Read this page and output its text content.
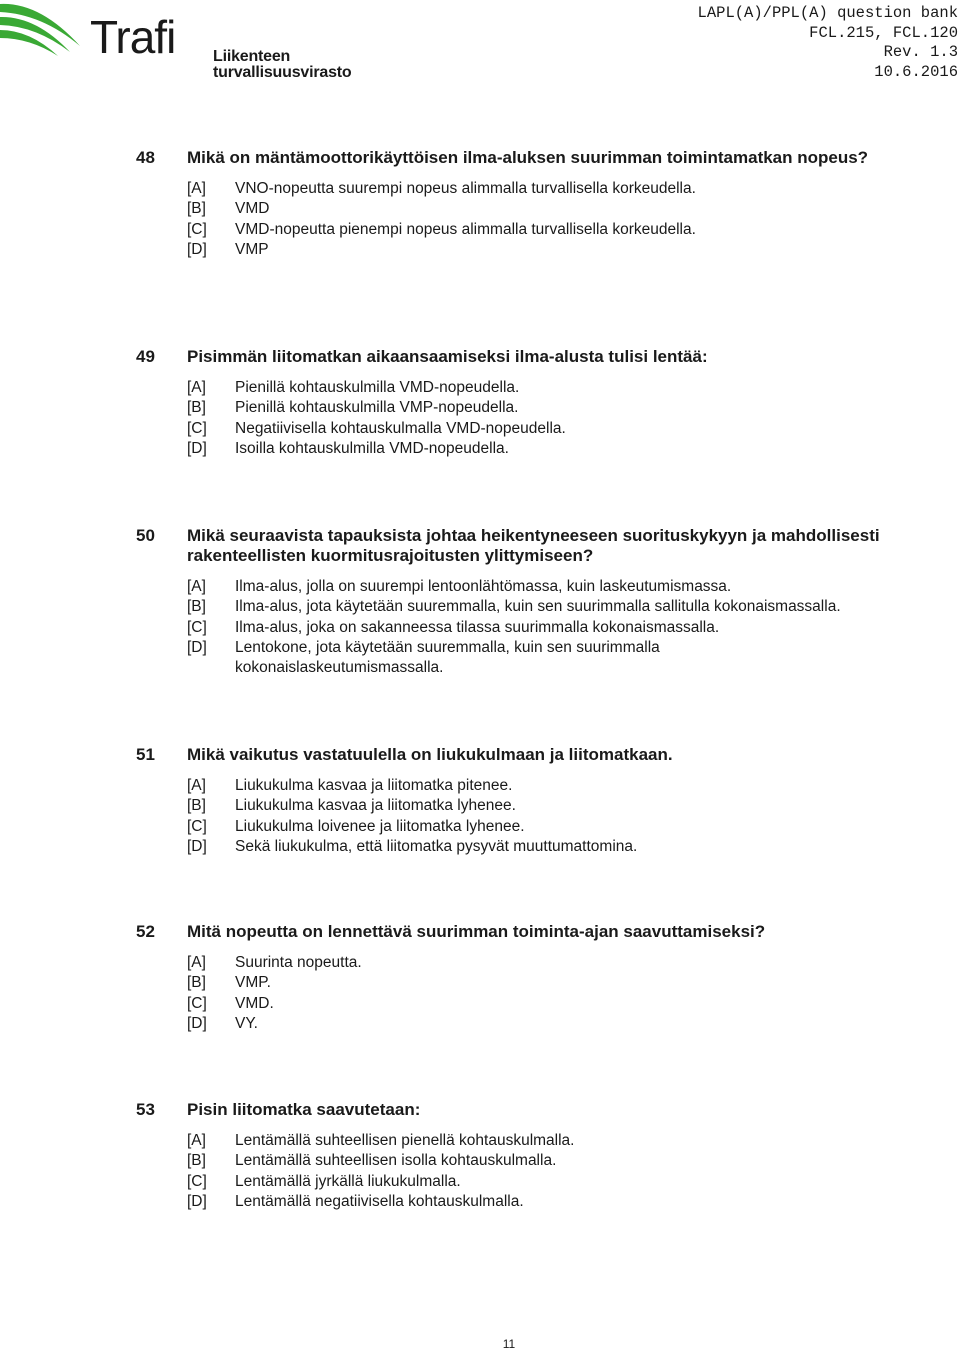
Trafi Liikenteen turvallisuusvirasto
LAPL(A)/PPL(A) question bank
FCL.215, FCL.120
Rev. 1.3
10.6.2016
48 Mikä on mäntämoottorikäyttöisen ilma-aluksen suurimman toimintamatkan nopeus?
[A] VNO-nopeutta suurempi nopeus alimmalla turvallisella korkeudella.
[B] VMD
[C] VMD-nopeutta pienempi nopeus alimmalla turvallisella korkeudella.
[D] VMP
49 Pisimmän liitomatkan aikaansaamiseksi ilma-alusta tulisi lentää:
[A] Pienillä kohtauskulmilla VMD-nopeudella.
[B] Pienillä kohtauskulmilla VMP-nopeudella.
[C] Negatiivisella kohtauskulmalla VMD-nopeudella.
[D] Isoilla kohtauskulmilla VMD-nopeudella.
50 Mikä seuraavista tapauksista johtaa heikentyneeseen suorituskykyyn ja mahdollisesti rakenteellisten kuormitusrajoitusten ylittymiseen?
[A] Ilma-alus, jolla on suurempi lentoonlähtömassa, kuin laskeutumismassa.
[B] Ilma-alus, jota käytetään suuremmalla, kuin sen suurimmalla sallitulla kokonaismassalla.
[C] Ilma-alus, joka on sakanneessa tilassa suurimmalla kokonaismassalla.
[D] Lentokone, jota käytetään suuremmalla, kuin sen suurimmalla kokonaislaskeutumismassalla.
51 Mikä vaikutus vastatuulella on liukukulmaan ja liitomatkaan.
[A] Liukukulma kasvaa ja liitomatka pitenee.
[B] Liukukulma kasvaa ja liitomatka lyhenee.
[C] Liukukulma loivenee ja liitomatka lyhenee.
[D] Sekä liukukulma, että liitomatka pysyvät muuttumattomina.
52 Mitä nopeutta on lennettävä suurimman toiminta-ajan saavuttamiseksi?
[A] Suurinta nopeutta.
[B] VMP.
[C] VMD.
[D] VY.
53 Pisin liitomatka saavutetaan:
[A] Lentämällä suhteellisen pienellä kohtauskulmalla.
[B] Lentämällä suhteellisen isolla kohtauskulmalla.
[C] Lentämällä jyrkällä liukukulmalla.
[D] Lentämällä negatiivisella kohtauskulmalla.
11
